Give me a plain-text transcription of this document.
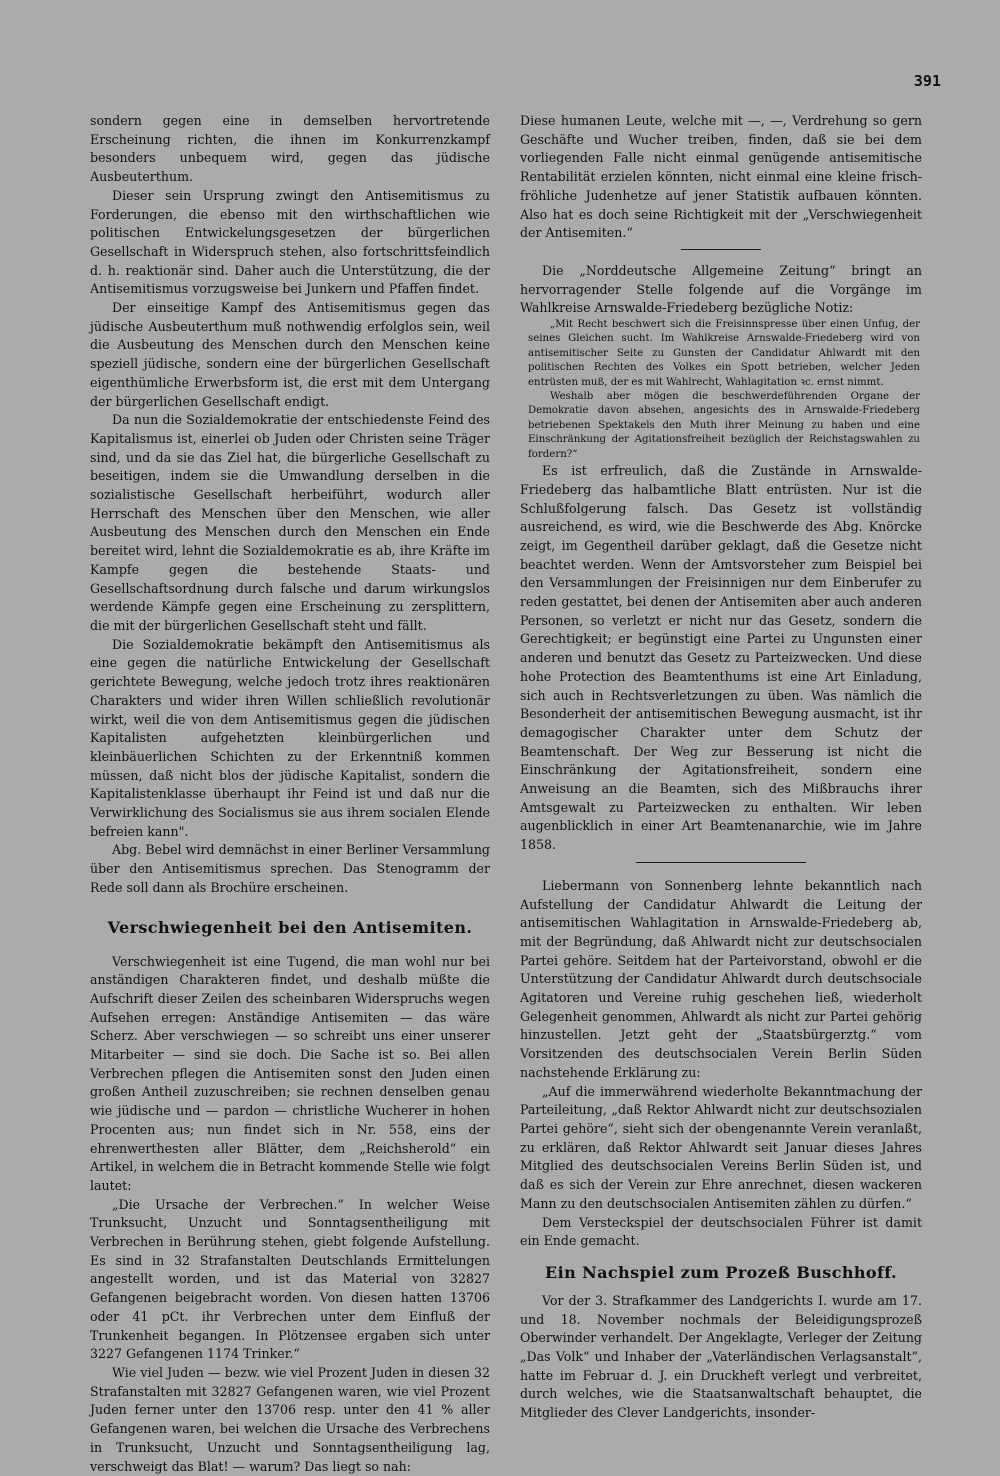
391

sondern gegen eine in demselben hervortretende Erscheinung richten, die ihnen im Konkurrenzkampf besonders unbequem wird, gegen das jüdische Ausbeuterthum.

Dieser sein Ursprung zwingt den Antisemitismus zu Forderungen, die ebenso mit den wirthschaftlichen wie politischen Entwickelungsgesetzen der bürgerlichen Gesellschaft in Widerspruch stehen, also fortschrittsfeindlich d. h. reaktionär sind. Daher auch die Unterstützung, die der Antisemitismus vorzugsweise bei Junkern und Pfaffen findet.

Der einseitige Kampf des Antisemitismus gegen das jüdische Ausbeuterthum muß nothwendig erfolglos sein, weil die Ausbeutung des Menschen durch den Menschen keine speziell jüdische, sondern eine der bürgerlichen Gesellschaft eigenthümliche Erwerbsform ist, die erst mit dem Untergang der bürgerlichen Gesellschaft endigt.

Da nun die Sozialdemokratie der entschiedenste Feind des Kapitalismus ist, einerlei ob Juden oder Christen seine Träger sind, und da sie das Ziel hat, die bürgerliche Gesellschaft zu beseitigen, indem sie die Umwandlung derselben in die sozialistische Gesellschaft herbeiführt, wodurch aller Herrschaft des Menschen über den Menschen, wie aller Ausbeutung des Menschen durch den Menschen ein Ende bereitet wird, lehnt die Sozialdemokratie es ab, ihre Kräfte im Kampfe gegen die bestehende Staats- und Gesellschaftsordnung durch falsche und darum wirkungslos werdende Kämpfe gegen eine Erscheinung zu zersplittern, die mit der bürgerlichen Gesellschaft steht und fällt.

Die Sozialdemokratie bekämpft den Antisemitismus als eine gegen die natürliche Entwickelung der Gesellschaft gerichtete Bewegung, welche jedoch trotz ihres reaktionären Charakters und wider ihren Willen schließlich revolutionär wirkt, weil die von dem Antisemitismus gegen die jüdischen Kapitalisten aufgehetzten kleinbürgerlichen und kleinbäuerlichen Schichten zu der Erkenntniß kommen müssen, daß nicht blos der jüdische Kapitalist, sondern die Kapitalistenklasse überhaupt ihr Feind ist und daß nur die Verwirklichung des Socialismus sie aus ihrem socialen Elende befreien kann".

Abg. Bebel wird demnächst in einer Berliner Versammlung über den Antisemitismus sprechen. Das Stenogramm der Rede soll dann als Brochüre erscheinen.

Verschwiegenheit bei den Antisemiten.

Verschwiegenheit ist eine Tugend, die man wohl nur bei anständigen Charakteren findet, und deshalb müßte die Aufschrift dieser Zeilen des scheinbaren Widerspruchs wegen Aufsehen erregen: Anständige Antisemiten — das wäre Scherz. Aber verschwiegen — so schreibt uns einer unserer Mitarbeiter — sind sie doch. Die Sache ist so. Bei allen Verbrechen pflegen die Antisemiten sonst den Juden einen großen Antheil zuzuschreiben; sie rechnen denselben genau wie jüdische und — pardon — christliche Wucherer in hohen Procenten aus; nun findet sich in Nr. 558, eins der ehrenwerthesten aller Blätter, dem „Reichsherold“ ein Artikel, in welchem die in Betracht kommende Stelle wie folgt lautet:

„Die Ursache der Verbrechen.“ In welcher Weise Trunksucht, Unzucht und Sonntagsentheiligung mit Verbrechen in Berührung stehen, giebt folgende Aufstellung. Es sind in 32 Strafanstalten Deutschlands Ermittelungen angestellt worden, und ist das Material von 32827 Gefangenen beigebracht worden. Von diesen hatten 13706 oder 41 pCt. ihr Verbrechen unter dem Einfluß der Trunkenheit begangen. In Plötzensee ergaben sich unter 3227 Gefangenen 1174 Trinker.“

Wie viel Juden — bezw. wie viel Prozent Juden in diesen 32 Strafanstalten mit 32827 Gefangenen waren, wie viel Prozent Juden ferner unter den 13706 resp. unter den 41 % aller Gefangenen waren, bei welchen die Ursache des Verbrechens in Trunksucht, Unzucht und Sonntagsentheiligung lag, verschweigt das Blat! — warum? Das liegt so nah:

Diese humanen Leute, welche mit —, —, Verdrehung so gern Geschäfte und Wucher treiben, finden, daß sie bei dem vorliegenden Falle nicht einmal genügende antisemitische Rentabilität erzielen könnten, nicht einmal eine kleine frisch-fröhliche Judenhetze auf jener Statistik aufbauen könnten. Also hat es doch seine Richtigkeit mit der „Verschwiegenheit der Antisemiten.“

Die „Norddeutsche Allgemeine Zeitung“ bringt an hervorragender Stelle folgende auf die Vorgänge im Wahlkreise Arnswalde-Friedeberg bezügliche Notiz:

„Mit Recht beschwert sich die Freisinnspresse über einen Unfug, der seines Gleichen sucht. Im Wahlkreise Arnswalde-Friedeberg wird von antisemitischer Seite zu Gunsten der Candidatur Ahlwardt mit den politischen Rechten des Volkes ein Spott betrieben, welcher Jeden entrüsten muß, der es mit Wahlrecht, Wahlagitation ꝛc. ernst nimmt.

Weshalb aber mögen die beschwerdeführenden Organe der Demokratie davon absehen, angesichts des in Arnswalde-Friedeberg betriebenen Spektakels den Muth ihrer Meinung zu haben und eine Einschränkung der Agitationsfreiheit bezüglich der Reichstagswahlen zu fordern?“

Es ist erfreulich, daß die Zustände in Arnswalde-Friedeberg das halbamtliche Blatt entrüsten. Nur ist die Schlußfolgerung falsch. Das Gesetz ist vollständig ausreichend, es wird, wie die Beschwerde des Abg. Knörcke zeigt, im Gegentheil darüber geklagt, daß die Gesetze nicht beachtet werden. Wenn der Amtsvorsteher zum Beispiel bei den Versammlungen der Freisinnigen nur dem Einberufer zu reden gestattet, bei denen der Antisemiten aber auch anderen Personen, so verletzt er nicht nur das Gesetz, sondern die Gerechtigkeit; er begünstigt eine Partei zu Ungunsten einer anderen und benutzt das Gesetz zu Parteizwecken. Und diese hohe Protection des Beamtenthums ist eine Art Einladung, sich auch in Rechtsverletzungen zu üben. Was nämlich die Besonderheit der antisemitischen Bewegung ausmacht, ist ihr demagogischer Charakter unter dem Schutz der Beamtenschaft. Der Weg zur Besserung ist nicht die Einschränkung der Agitationsfreiheit, sondern eine Anweisung an die Beamten, sich des Mißbrauchs ihrer Amtsgewalt zu Parteizwecken zu enthalten. Wir leben augenblicklich in einer Art Beamtenanarchie, wie im Jahre 1858.

Liebermann von Sonnenberg lehnte bekanntlich nach Aufstellung der Candidatur Ahlwardt die Leitung der antisemitischen Wahlagitation in Arnswalde-Friedeberg ab, mit der Begründung, daß Ahlwardt nicht zur deutschsocialen Partei gehöre. Seitdem hat der Parteivorstand, obwohl er die Unterstützung der Candidatur Ahlwardt durch deutschsociale Agitatoren und Vereine ruhig geschehen ließ, wiederholt Gelegenheit genommen, Ahlwardt als nicht zur Partei gehörig hinzustellen. Jetzt geht der „Staatsbürgerztg.“ vom Vorsitzenden des deutschsocialen Verein Berlin Süden nachstehende Erklärung zu:

„Auf die immerwährend wiederholte Bekanntmachung der Parteileitung, „daß Rektor Ahlwardt nicht zur deutschsozialen Partei gehöre“, sieht sich der obengenannte Verein veranlaßt, zu erklären, daß Rektor Ahlwardt seit Januar dieses Jahres Mitglied des deutschsocialen Vereins Berlin Süden ist, und daß es sich der Verein zur Ehre anrechnet, diesen wackeren Mann zu den deutschsocialen Antisemiten zählen zu dürfen.“

Dem Versteckspiel der deutschsocialen Führer ist damit ein Ende gemacht.

Ein Nachspiel zum Prozeß Buschhoff.

Vor der 3. Strafkammer des Landgerichts I. wurde am 17. und 18. November nochmals der Beleidigungsprozeß Oberwinder verhandelt. Der Angeklagte, Verleger der Zeitung „Das Volk“ und Inhaber der „Vaterländischen Verlagsanstalt“, hatte im Februar d. J. ein Druckheft verlegt und verbreitet, durch welches, wie die Staatsanwaltschaft behauptet, die Mitglieder des Clever Landgerichts, insonder-
